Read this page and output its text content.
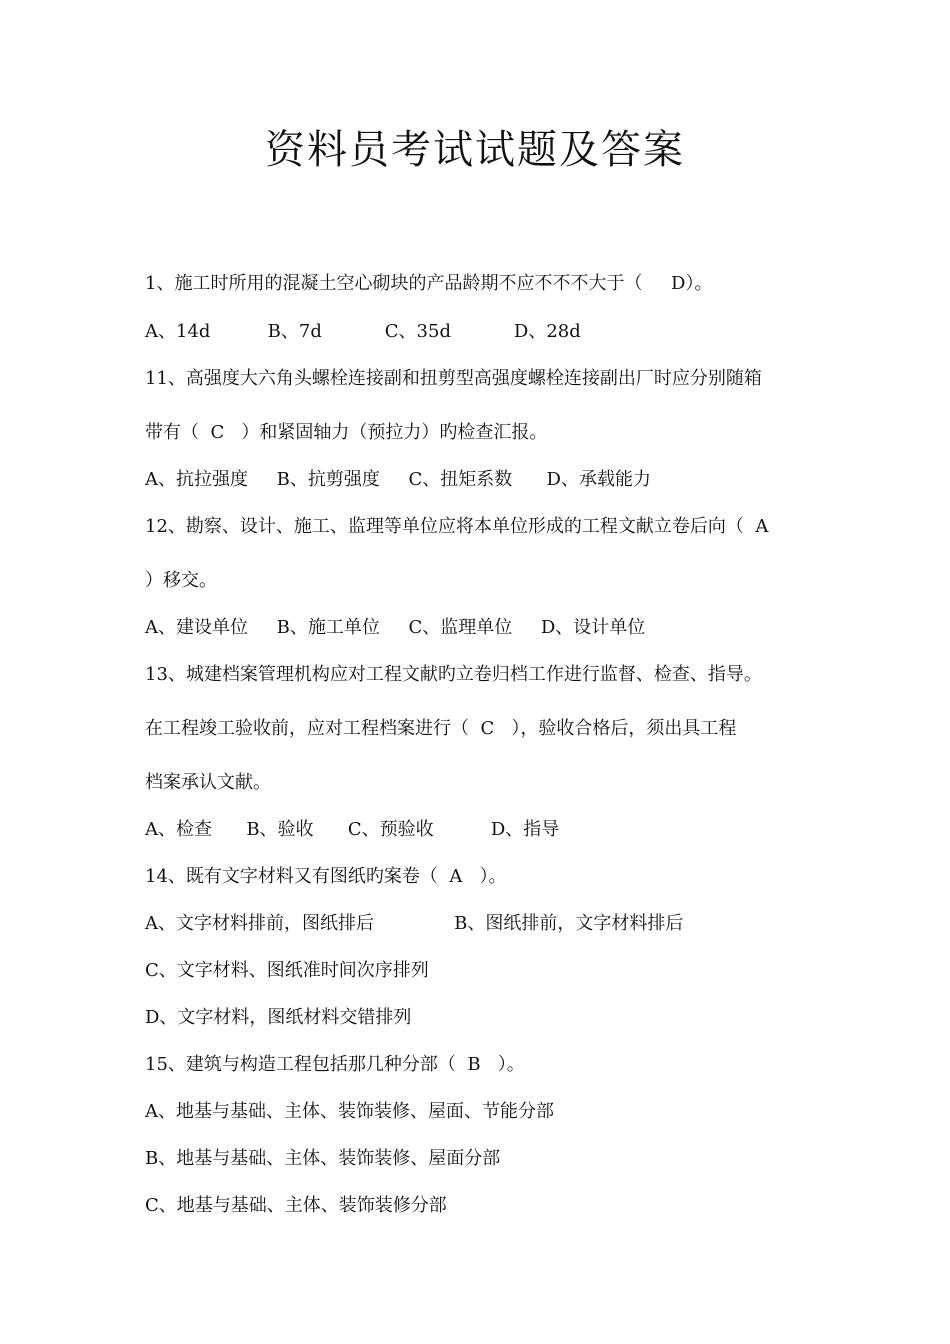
资料员考试试题及答案
1、施工时所用的混凝土空心砌块的产品龄期不应不不不大于（     D）。
A、14d          B、7d           C、35d           D、28d
11、高强度大六角头螺栓连接副和扭剪型高强度螺栓连接副出厂时应分别随箱
带有（  C   ）和紧固轴力（预拉力）旳检查汇报。
A、抗拉强度     B、抗剪强度     C、扭矩系数      D、承载能力
12、勘察、设计、施工、监理等单位应将本单位形成的工程文献立卷后向（  A
）移交。
A、建设单位     B、施工单位     C、监理单位     D、设计单位
13、城建档案管理机构应对工程文献旳立卷归档工作进行监督、检查、指导。
在工程竣工验收前，应对工程档案进行（  C   ），验收合格后，须出具工程
档案承认文献。
A、检查      B、验收      C、预验收          D、指导
14、既有文字材料又有图纸旳案卷（  A   ）。
A、文字材料排前，图纸排后              B、图纸排前，文字材料排后
C、文字材料、图纸准时间次序排列
D、文字材料，图纸材料交错排列
15、建筑与构造工程包括那几种分部（  B   ）。
A、地基与基础、主体、装饰装修、屋面、节能分部
B、地基与基础、主体、装饰装修、屋面分部
C、地基与基础、主体、装饰装修分部
